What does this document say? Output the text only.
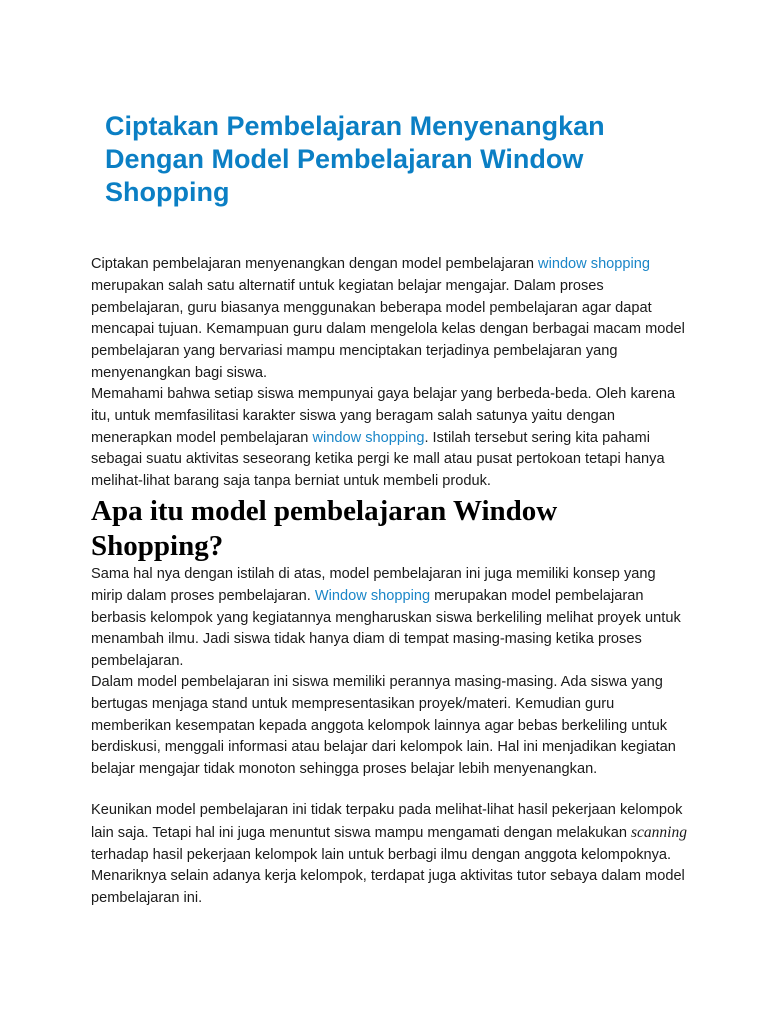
Ciptakan Pembelajaran Menyenangkan Dengan Model Pembelajaran Window Shopping

Ciptakan pembelajaran menyenangkan dengan model pembelajaran window shopping merupakan salah satu alternatif untuk kegiatan belajar mengajar. Dalam proses pembelajaran, guru biasanya menggunakan beberapa model pembelajaran agar dapat mencapai tujuan. Kemampuan guru dalam mengelola kelas dengan berbagai macam model pembelajaran yang bervariasi mampu menciptakan terjadinya pembelajaran yang menyenangkan bagi siswa.

Memahami bahwa setiap siswa mempunyai gaya belajar yang berbeda-beda. Oleh karena itu, untuk memfasilitasi karakter siswa yang beragam salah satunya yaitu dengan menerapkan model pembelajaran window shopping. Istilah tersebut sering kita pahami sebagai suatu aktivitas seseorang ketika pergi ke mall atau pusat pertokoan tetapi hanya melihat-lihat barang saja tanpa berniat untuk membeli produk.

Apa itu model pembelajaran Window Shopping?

Sama hal nya dengan istilah di atas, model pembelajaran ini juga memiliki konsep yang mirip dalam proses pembelajaran. Window shopping merupakan model pembelajaran berbasis kelompok yang kegiatannya mengharuskan siswa berkeliling melihat proyek untuk menambah ilmu. Jadi siswa tidak hanya diam di tempat masing-masing ketika proses pembelajaran.

Dalam model pembelajaran ini siswa memiliki perannya masing-masing. Ada siswa yang bertugas menjaga stand untuk mempresentasikan proyek/materi. Kemudian guru memberikan kesempatan kepada anggota kelompok lainnya agar bebas berkeliling untuk berdiskusi, menggali informasi atau belajar dari kelompok lain. Hal ini menjadikan kegiatan belajar mengajar tidak monoton sehingga proses belajar lebih menyenangkan.

Keunikan model pembelajaran ini tidak terpaku pada melihat-lihat hasil pekerjaan kelompok lain saja. Tetapi hal ini juga menuntut siswa mampu mengamati dengan melakukan scanning terhadap hasil pekerjaan kelompok lain untuk berbagi ilmu dengan anggota kelompoknya. Menariknya selain adanya kerja kelompok, terdapat juga aktivitas tutor sebaya dalam model pembelajaran ini.
